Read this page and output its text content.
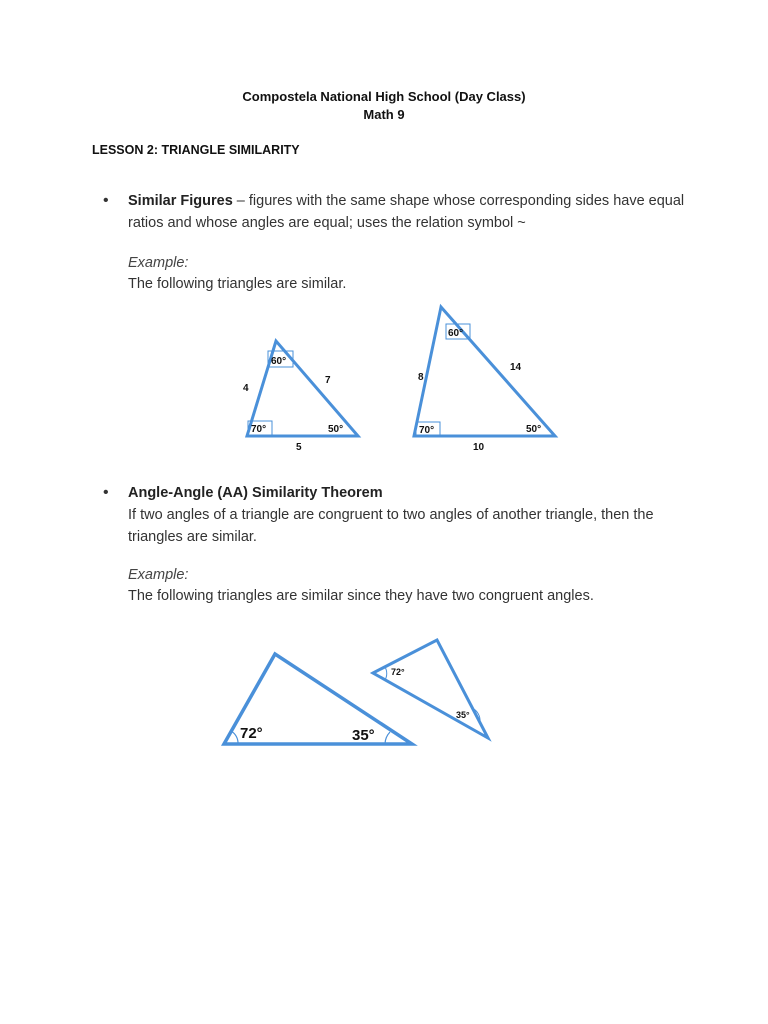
Compostela National High School (Day Class)
Math 9
LESSON 2: TRIANGLE SIMILARITY
• Similar Figures – figures with the same shape whose corresponding sides have equal ratios and whose angles are equal; uses the relation symbol ~
Example:
The following triangles are similar.
60°
70°	50°
4
7
5
60°
70°	50°
8
14
10
72°	35°
72°
35°
• Angle-Angle (AA) Similarity Theorem
If two angles of a triangle are congruent to two angles of another triangle, then the triangles are similar.
Example:
The following triangles are similar since they have two congruent angles.
